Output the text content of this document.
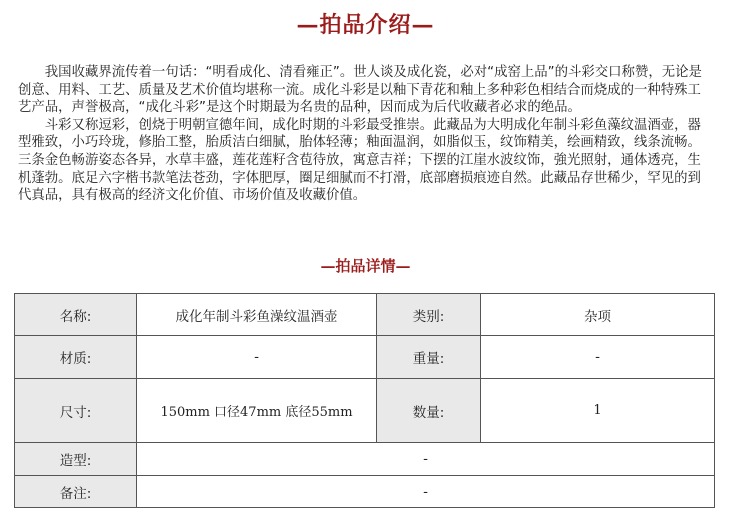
—拍品介绍—

我国收藏界流传着一句话：“明看成化、清看雍正”。世人谈及成化瓷，必对“成窑上品”的斗彩交口称赞，无论是创意、用料、工艺、质量及艺术价值均堪称一流。成化斗彩是以釉下青花和釉上多种彩色相结合而烧成的一种特殊工艺产品，声誉极高，“成化斗彩”是这个时期最为名贵的品种，因而成为后代收藏者必求的绝品。

斗彩又称逗彩，创烧于明朝宣德年间，成化时期的斗彩最受推崇。此藏品为大明成化年制斗彩鱼藻纹温酒壶，器型雅致，小巧玲珑，修胎工整，胎质洁白细腻，胎体轻薄；釉面温润，如脂似玉，纹饰精美，绘画精致，线条流畅。三条金色畅游姿态各异，水草丰盛，莲花莲籽含苞待放，寓意吉祥；下摆的江崖水波纹饰，強光照射，通体透亮，生机蓬勃。底足六字楷书款笔法苍劲，字体肥厚，圈足细腻而不打滑，底部磨损痕迹自然。此藏品存世稀少，罕见的到代真品，具有极高的经济文化价值、市场价值及收藏价值。

—拍品详情—
名称:	成化年制斗彩鱼澡纹温酒壶	类别:	杂项
材质:	-	重量:	-
尺寸:	150mm 口径47mm 底径55mm	数量:	1
造型:	-		
备注:	-		
